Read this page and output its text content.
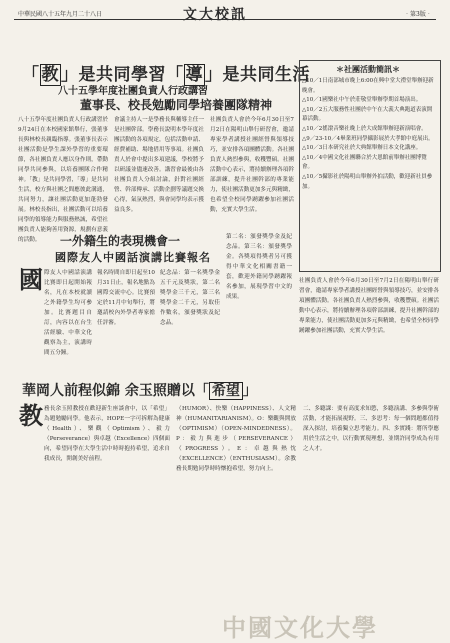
中華民國八十五年九月二十八日	文大校訊	‧第3版‧
「 教 」是共同學習「 導 」是共同生活
八十五學年度社團負責人行政講習
董事長、校長勉勵同學培養團隊精神
八十五學年度社團負責人行政講習於9月24日在本校國家館舉行，張董事長與林校長親臨指導。張董事長表示社團活動是學生課外學習的重要環節，各社團負責人應以身作則，帶動同學共同參與，以培養團隊合作精神。「教」是共同學習，「導」是共同生活，校方與社團之間應彼此溝通，共同努力，讓社團活動更加蓬勃發展。林校長指出，社團活動可以培養同學的領導能力與服務熱誠，希望社團負責人能夠善用資源，規劃有意義的活動。
會議主持人一是學務長與輔導主任一是社團幹部。學務長說明本學年度社團活動的各項規定，包括活動申請、經費補助、場地借用等事項。社團負責人於會中提出多項建議，學校將予以研議並儘速改善。講習會最後由各社團負責人分組討論，針對社團經營、幹部傳承、活動企劃等議題交換心得，氣氛熱烈，與會同學均表示獲益良多。
社團負責人會於今年6月30日至7月2日在陽明山舉行研習會，邀請專家學者講授社團經營與領導技巧，並安排各項團體活動。各社團負責人熱烈參與，收穫豐碩。社團活動中心表示，將持續辦理各項幹部訓練，提升社團幹部的專業能力，使社團活動更加多元與精緻，也希望全校同學踴躍參加社團活動，充實大學生活。
＊社團活動簡訊＊
△10／1日南部城市晚上6:00在興中堂大禮堂舉辦迎新晚會。
△10／1國樂社中午於莊敬堂舉辦學期首場演出。
△10／2五大服務性社團於中午在大義大典跑道表演開幕活動。
△10／2搖滾音樂社晚上於大成館舉辦迎新演唱會。
△9／23-10／4畢業班同學攝影展於大孝館中庭展出。
△10／3日本研究社於大典館舉辦日本文化講座。
△10／4中國文化社團聯合於大恩館前舉辦社團博覽會。
△10／5攝影社於陽明山舉辦外拍活動，歡迎新社員參加。
一外籍生的表現機會一
國際友人中國話演講比賽報名
國 際友人中國話演講比賽即日起開始報名，凡在本校就讀之外籍學生均可參加。比賽題目自訂，內容以在台生活經驗、中華文化觀察為主，演講時間五分鐘。
報名時間自即日起至10月31日止，報名地點為國際交流中心。比賽預定於11月中旬舉行，將邀請校內外學者專家擔任評審。
紀念品：第一名獎學金五千元及獎狀，第二名獎學金三千元，第三名獎學金二千元，另取佳作數名，頒發獎狀及紀念品。
第二名：頒發獎學金及紀念品。第三名：頒發獎學金。各獎項得獎者另可獲得中華文化相關書籍一套，歡迎外籍同學踴躍報名參加，展現學習中文的成果。
社團負責人會於今年6月30日至7月2日在陽明山舉行研習會，邀請專家學者講授社團經營與領導技巧，並安排各項團體活動。各社團負責人熱烈參與，收穫豐碩。社團活動中心表示，將持續辦理各項幹部訓練，提升社團幹部的專業能力，使社團活動更加多元與精緻，也希望全校同學踴躍參加社團活動，充實大學生活。
華岡人前程似錦 余玉照贈以「 希望 」
教 務長余玉照教授在歡迎新生座談會中，以「希望」為題勉勵同學。他表示，HOPE一字可拆解為健康（Health）、樂觀（Optimism）、毅力（Perseverance）與卓越（Excellence）四個面向，希望同學在大學生活中時時抱持希望，追求自我成長，開創美好前程。
（HUMOR）、快樂（HAPPINESS）、人文精神（HUMANITARIANISM）。O：樂觀與開放（OPTIMISM）（OPEN-MINDEDNESS）。P：毅力與進步（PERSEVERANCE）（PROGRESS）。E：卓越與熱忱（EXCELLENCE）（ENTHUSIASM）。余教務長期勉同學時時懷抱希望，努力向上。
二、多聽課：要有高度求知慾，多聽演講、多參與學術活動，才能拓展視野。三、多思考：每一個問題都值得深入探討，培養獨立思考能力。四、多實踐：將所學應用於生活之中，以行動實現理想，並期許同學成為有用之人才。
中國文化大學
